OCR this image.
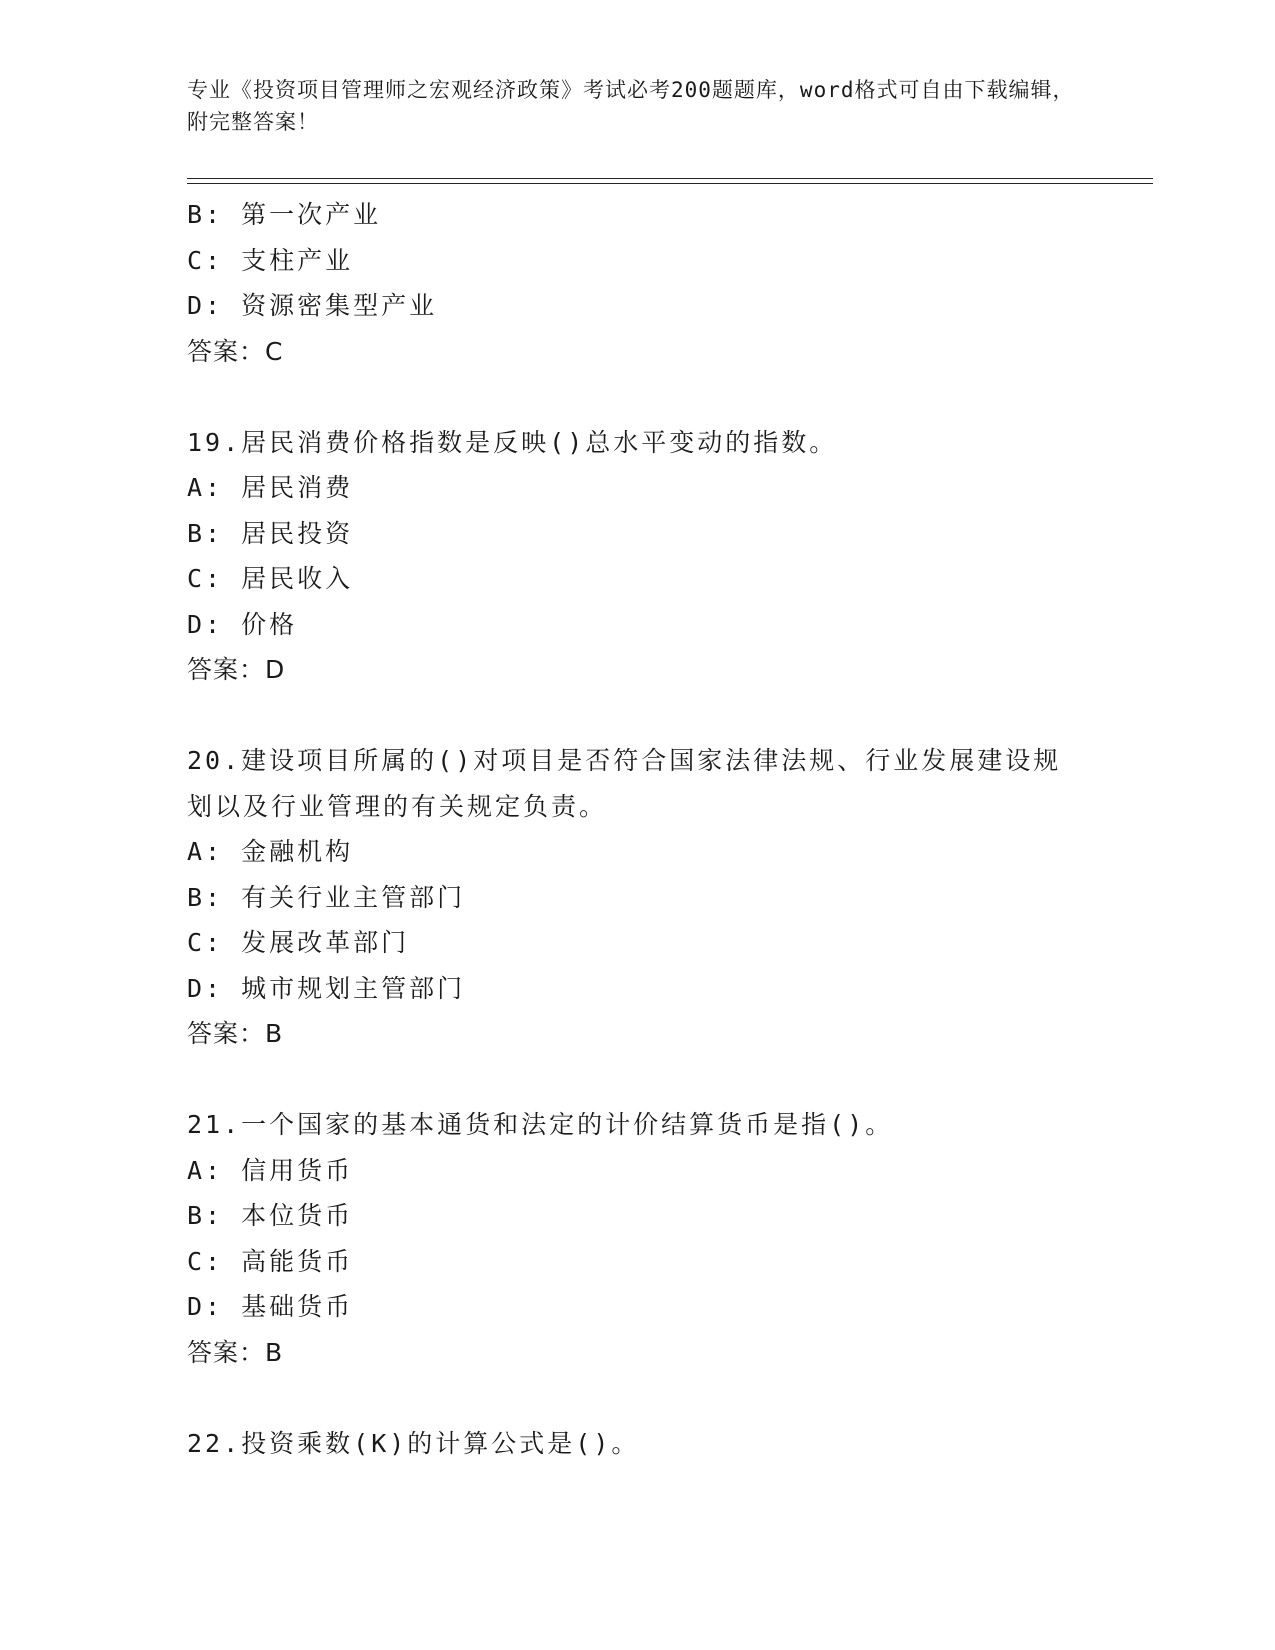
专业《投资项目管理师之宏观经济政策》考试必考200题题库，word格式可自由下载编辑，附完整答案！
B: 第一次产业
C: 支柱产业
D: 资源密集型产业
答案：C
19.居民消费价格指数是反映()总水平变动的指数。
A: 居民消费
B: 居民投资
C: 居民收入
D: 价格
答案：D
20.建设项目所属的()对项目是否符合国家法律法规、行业发展建设规划以及行业管理的有关规定负责。
A: 金融机构
B: 有关行业主管部门
C: 发展改革部门
D: 城市规划主管部门
答案：B
21.一个国家的基本通货和法定的计价结算货币是指()。
A: 信用货币
B: 本位货币
C: 高能货币
D: 基础货币
答案：B
22.投资乘数(K)的计算公式是()。
